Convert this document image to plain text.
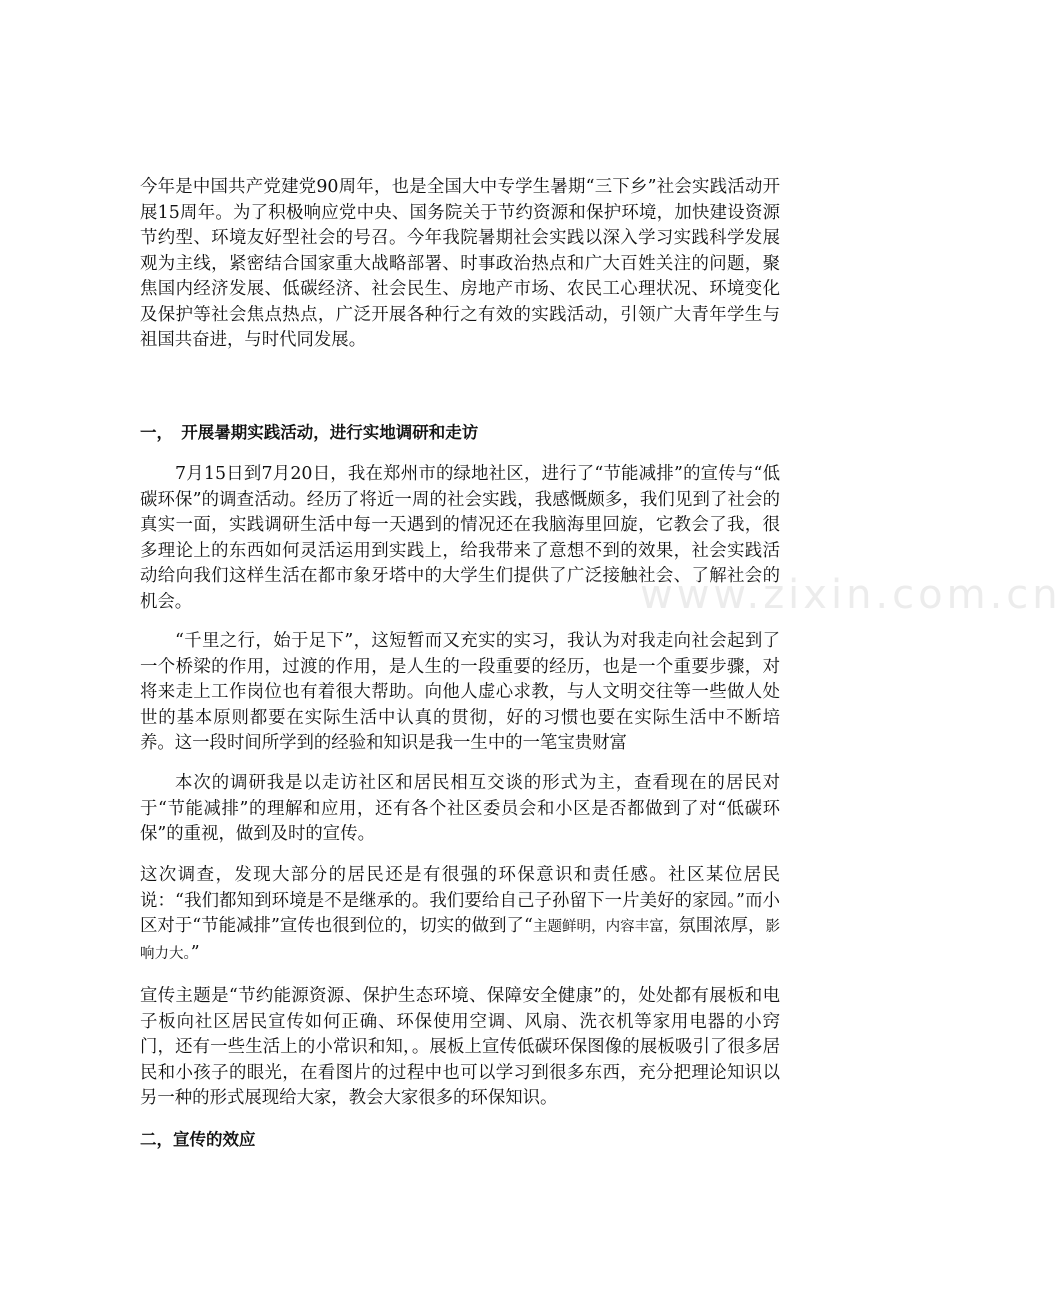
www.zixin.com.cn

今年是中国共产党建党90周年，也是全国大中专学生暑期“三下乡”社会实践活动开展15周年。为了积极响应党中央、国务院关于节约资源和保护环境，加快建设资源节约型、环境友好型社会的号召。今年我院暑期社会实践以深入学习实践科学发展观为主线，紧密结合国家重大战略部署、时事政治热点和广大百姓关注的问题，聚焦国内经济发展、低碳经济、社会民生、房地产市场、农民工心理状况、环境变化及保护等社会焦点热点，广泛开展各种行之有效的实践活动，引领广大青年学生与祖国共奋进，与时代同发展。

一，　开展暑期实践活动，进行实地调研和走访

7月15日到7月20日，我在郑州市的绿地社区，进行了“节能减排”的宣传与“低碳环保”的调查活动。经历了将近一周的社会实践，我感慨颇多，我们见到了社会的真实一面，实践调研生活中每一天遇到的情况还在我脑海里回旋，它教会了我，很多理论上的东西如何灵活运用到实践上，给我带来了意想不到的效果，社会实践活动给向我们这样生活在都市象牙塔中的大学生们提供了广泛接触社会、了解社会的机会。

“千里之行，始于足下”，这短暂而又充实的实习，我认为对我走向社会起到了一个桥梁的作用，过渡的作用，是人生的一段重要的经历，也是一个重要步骤，对将来走上工作岗位也有着很大帮助。向他人虚心求教，与人文明交往等一些做人处世的基本原则都要在实际生活中认真的贯彻，好的习惯也要在实际生活中不断培养。这一段时间所学到的经验和知识是我一生中的一笔宝贵财富

本次的调研我是以走访社区和居民相互交谈的形式为主，查看现在的居民对于“节能减排”的理解和应用，还有各个社区委员会和小区是否都做到了对“低碳环保”的重视，做到及时的宣传。

这次调查，发现大部分的居民还是有很强的环保意识和责任感。社区某位居民说：“我们都知到环境是不是继承的。我们要给自己子孙留下一片美好的家园。”而小区对于“节能减排”宣传也很到位的，切实的做到了“主题鲜明，内容丰富，氛围浓厚，影响力大。”

宣传主题是“节约能源资源、保护生态环境、保障安全健康”的，处处都有展板和电子板向社区居民宣传如何正确、环保使用空调、风扇、洗衣机等家用电器的小窍门，还有一些生活上的小常识和知，。展板上宣传低碳环保图像的展板吸引了很多居民和小孩子的眼光，在看图片的过程中也可以学习到很多东西，充分把理论知识以另一种的形式展现给大家，教会大家很多的环保知识。

二，宣传的效应
